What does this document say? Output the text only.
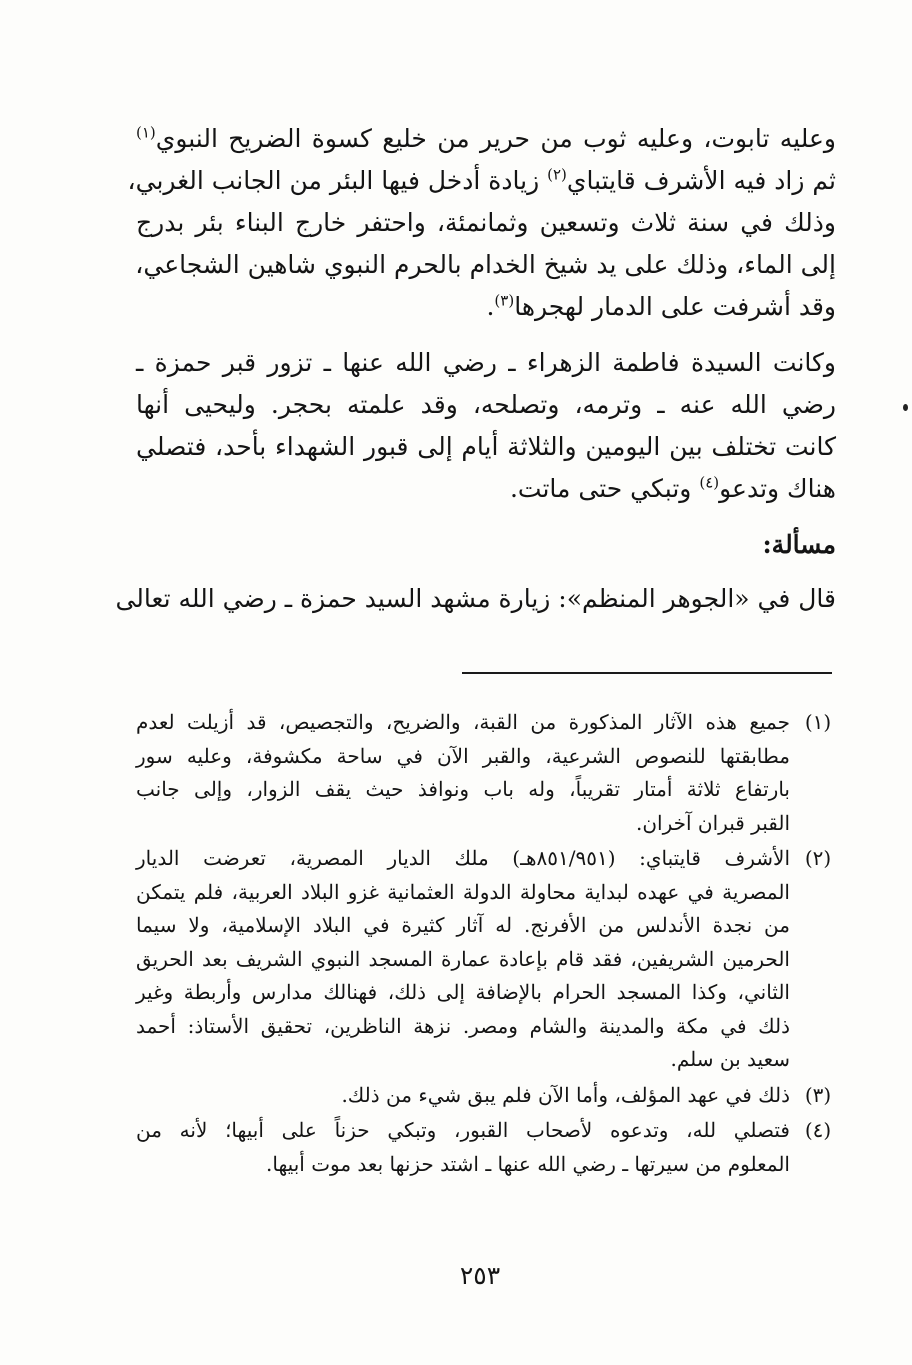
وعليه تابوت، وعليه ثوب من حرير من خليع كسوة الضريح النبوي$^{(١)}$
ثم زاد فيه الأشرف قايتباي$^{(٢)}$ زيادة أدخل فيها البئر من الجانب الغربي،
وذلك في سنة ثلاث وتسعين وثمانمئة، واحتفر خارج البناء بئر بدرج
إلى الماء، وذلك على يد شيخ الخدام بالحرم النبوي شاهين الشجاعي،
وقد أشرفت على الدمار لهجرها$^{(٣)}$.
وكانت السيدة فاطمة الزهراء ـ رضي الله عنها ـ تزور قبر حمزة ـ
رضي الله عنه ـ وترمه، وتصلحه، وقد علمته بحجر. وليحيى أنها
كانت تختلف بين اليومين والثلاثة أيام إلى قبور الشهداء بأحد، فتصلي
هناك وتدعو$^{(٤)}$ وتبكي حتى ماتت.
مسألة:
قال في «الجوهر المنظم»: زيارة مشهد السيد حمزة ـ رضي الله تعالى
(١)
جميع هذه الآثار المذكورة من القبة، والضريح، والتجصيص، قد أزيلت لعدم
مطابقتها للنصوص الشرعية، والقبر الآن في ساحة مكشوفة، وعليه سور
بارتفاع ثلاثة أمتار تقريباً، وله باب ونوافذ حيث يقف الزوار، وإلى جانب
القبر قبران آخران.
(٢)
الأشرف قايتباي: (٨٥١/٩٥١هـ) ملك الديار المصرية، تعرضت الديار
المصرية في عهده لبداية محاولة الدولة العثمانية غزو البلاد العربية، فلم يتمكن
من نجدة الأندلس من الأفرنج. له آثار كثيرة في البلاد الإسلامية، ولا سيما
الحرمين الشريفين، فقد قام بإعادة عمارة المسجد النبوي الشريف بعد الحريق
الثاني، وكذا المسجد الحرام بالإضافة إلى ذلك، فهنالك مدارس وأربطة وغير
ذلك في مكة والمدينة والشام ومصر. نزهة الناظرين، تحقيق الأستاذ: أحمد
سعيد بن سلم.
(٣)
ذلك في عهد المؤلف، وأما الآن فلم يبق شيء من ذلك.
(٤)
فتصلي لله، وتدعوه لأصحاب القبور، وتبكي حزناً على أبيها؛ لأنه من
المعلوم من سيرتها ـ رضي الله عنها ـ اشتد حزنها بعد موت أبيها.
٢٥٣
